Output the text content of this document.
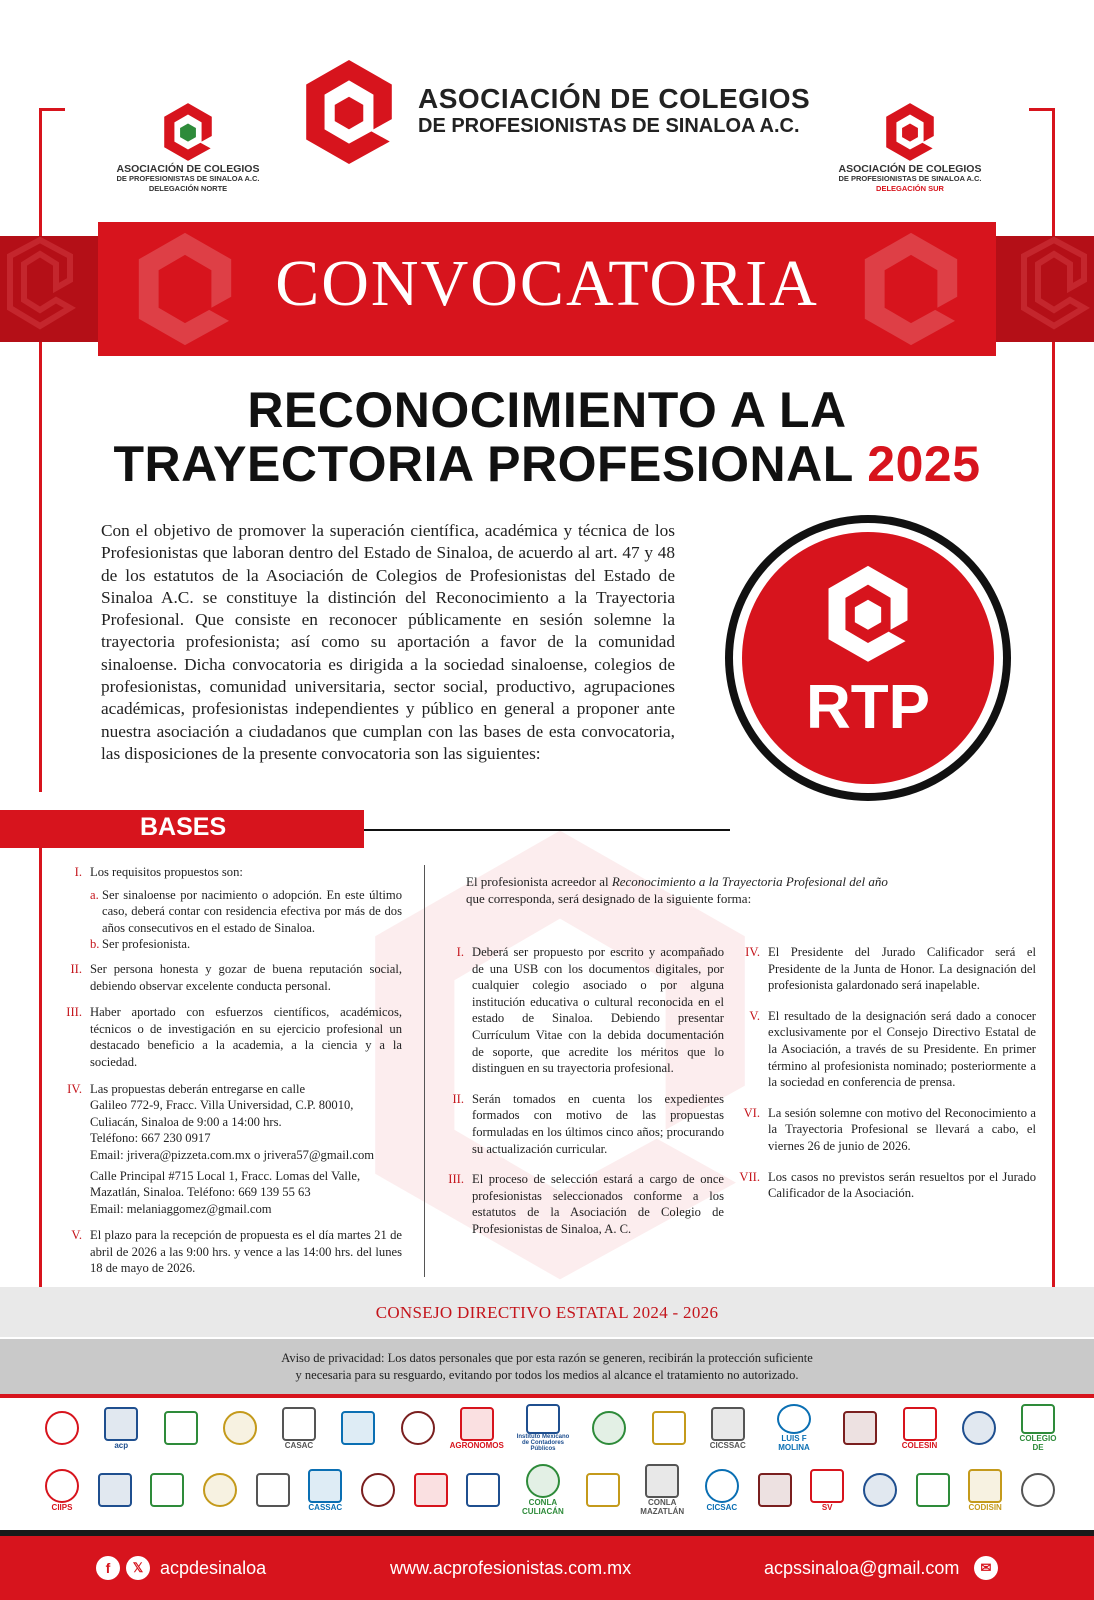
ASOCIACIÓN DE COLEGIOS
DE PROFESIONISTAS DE SINALOA A.C.
ASOCIACIÓN DE COLEGIOS
DE PROFESIONISTAS DE SINALOA A.C.
DELEGACIÓN NORTE
ASOCIACIÓN DE COLEGIOS
DE PROFESIONISTAS DE SINALOA A.C.
DELEGACIÓN SUR
CONVOCATORIA
RECONOCIMIENTO A LA
TRAYECTORIA PROFESIONAL 2025
Con el objetivo de promover la superación científica, académica y técnica de los Profesionistas que laboran dentro del Estado de Sinaloa, de acuerdo al art. 47 y 48 de los estatutos de la Asociación de Colegios de Profesionistas del Estado de Sinaloa A.C. se constituye la distinción del Reconocimiento a la Trayectoria Profesional. Que consiste en reconocer públicamente en sesión solemne la trayectoria profesionista; así como su aportación a favor de la comunidad sinaloense. Dicha convocatoria es dirigida a la sociedad sinaloense, colegios de profesionistas, comunidad universitaria, sector social, productivo, agrupaciones académicas, profesionistas independientes y público en general a proponer ante nuestra asociación a ciudadanos que cumplan con las bases de esta convocatoria, las disposiciones de la presente convocatoria son las siguientes:
RTP
BASES
I. Los requisitos propuestos son:
a. Ser sinaloense por nacimiento o adopción. En este último caso, deberá contar con residencia efectiva por más de dos años consecutivos en el estado de Sinaloa.
b. Ser profesionista.
II. Ser persona honesta y gozar de buena reputación social, debiendo observar excelente conducta personal.
III. Haber aportado con esfuerzos científicos, académicos, técnicos o de investigación en su ejercicio profesional un destacado beneficio a la academia, a la ciencia y a la sociedad.
IV. Las propuestas deberán entregarse en calle
Galileo 772-9, Fracc. Villa Universidad, C.P. 80010,
Culiacán, Sinaloa de 9:00 a 14:00 hrs.
Teléfono: 667 230 0917
Email: jrivera@pizzeta.com.mx o jrivera57@gmail.com
Calle Principal #715 Local 1, Fracc. Lomas del Valle, Mazatlán, Sinaloa. Teléfono: 669 139 55 63
Email: melaniaggomez@gmail.com
V. El plazo para la recepción de propuesta es el día martes 21 de abril de 2026 a las 9:00 hrs. y vence a las 14:00 hrs. del lunes 18 de mayo de 2026.
El profesionista acreedor al Reconocimiento a la Trayectoria Profesional del año
que corresponda, será designado de la siguiente forma:
I. Deberá ser propuesto por escrito y acompañado de una USB con los documentos digitales, por cualquier colegio asociado o por alguna institución educativa o cultural reconocida en el estado de Sinaloa. Debiendo presentar Currículum Vitae con la debida documentación de soporte, que acredite los méritos que lo distinguen en su trayectoria profesional.
II. Serán tomados en cuenta los expedientes formados con motivo de las propuestas formuladas en los últimos cinco años; procurando su actualización curricular.
III. El proceso de selección estará a cargo de once profesionistas seleccionados conforme a los estatutos de la Asociación de Colegio de Profesionistas de Sinaloa, A. C.
IV. El Presidente del Jurado Calificador será el Presidente de la Junta de Honor. La designación del profesionista galardonado será inapelable.
V. El resultado de la designación será dado a conocer exclusivamente por el Consejo Directivo Estatal de la Asociación, a través de su Presidente. En primer término al profesionista nominado; posteriormente a la sociedad en conferencia de prensa.
VI. La sesión solemne con motivo del Reconocimiento a la Trayectoria Profesional se llevará a cabo, el viernes 26 de junio de 2026.
VII. Los casos no previstos serán resueltos por el Jurado Calificador de la Asociación.
CONSEJO DIRECTIVO ESTATAL 2024 - 2026
Aviso de privacidad: Los datos personales que por esta razón se generen, recibirán la protección suficiente
y necesaria para su resguardo, evitando por todos los medios al alcance el tratamiento no autorizado.
acp	CASAC	AGRONOMOS
Instituto Mexicano de Contadores Públicos	CICSSAC
LUIS F MOLINA	COLESIN
COLEGIO DE
CIIPS	CASSAC	CONLA CULIACÁN
CONLA MAZATLÁN	CICSAC	SV	CODISIN
f	𝕏 acpdesinaloa	www.acprofesionistas.com.mx	acpssinaloa@gmail.com	✉
